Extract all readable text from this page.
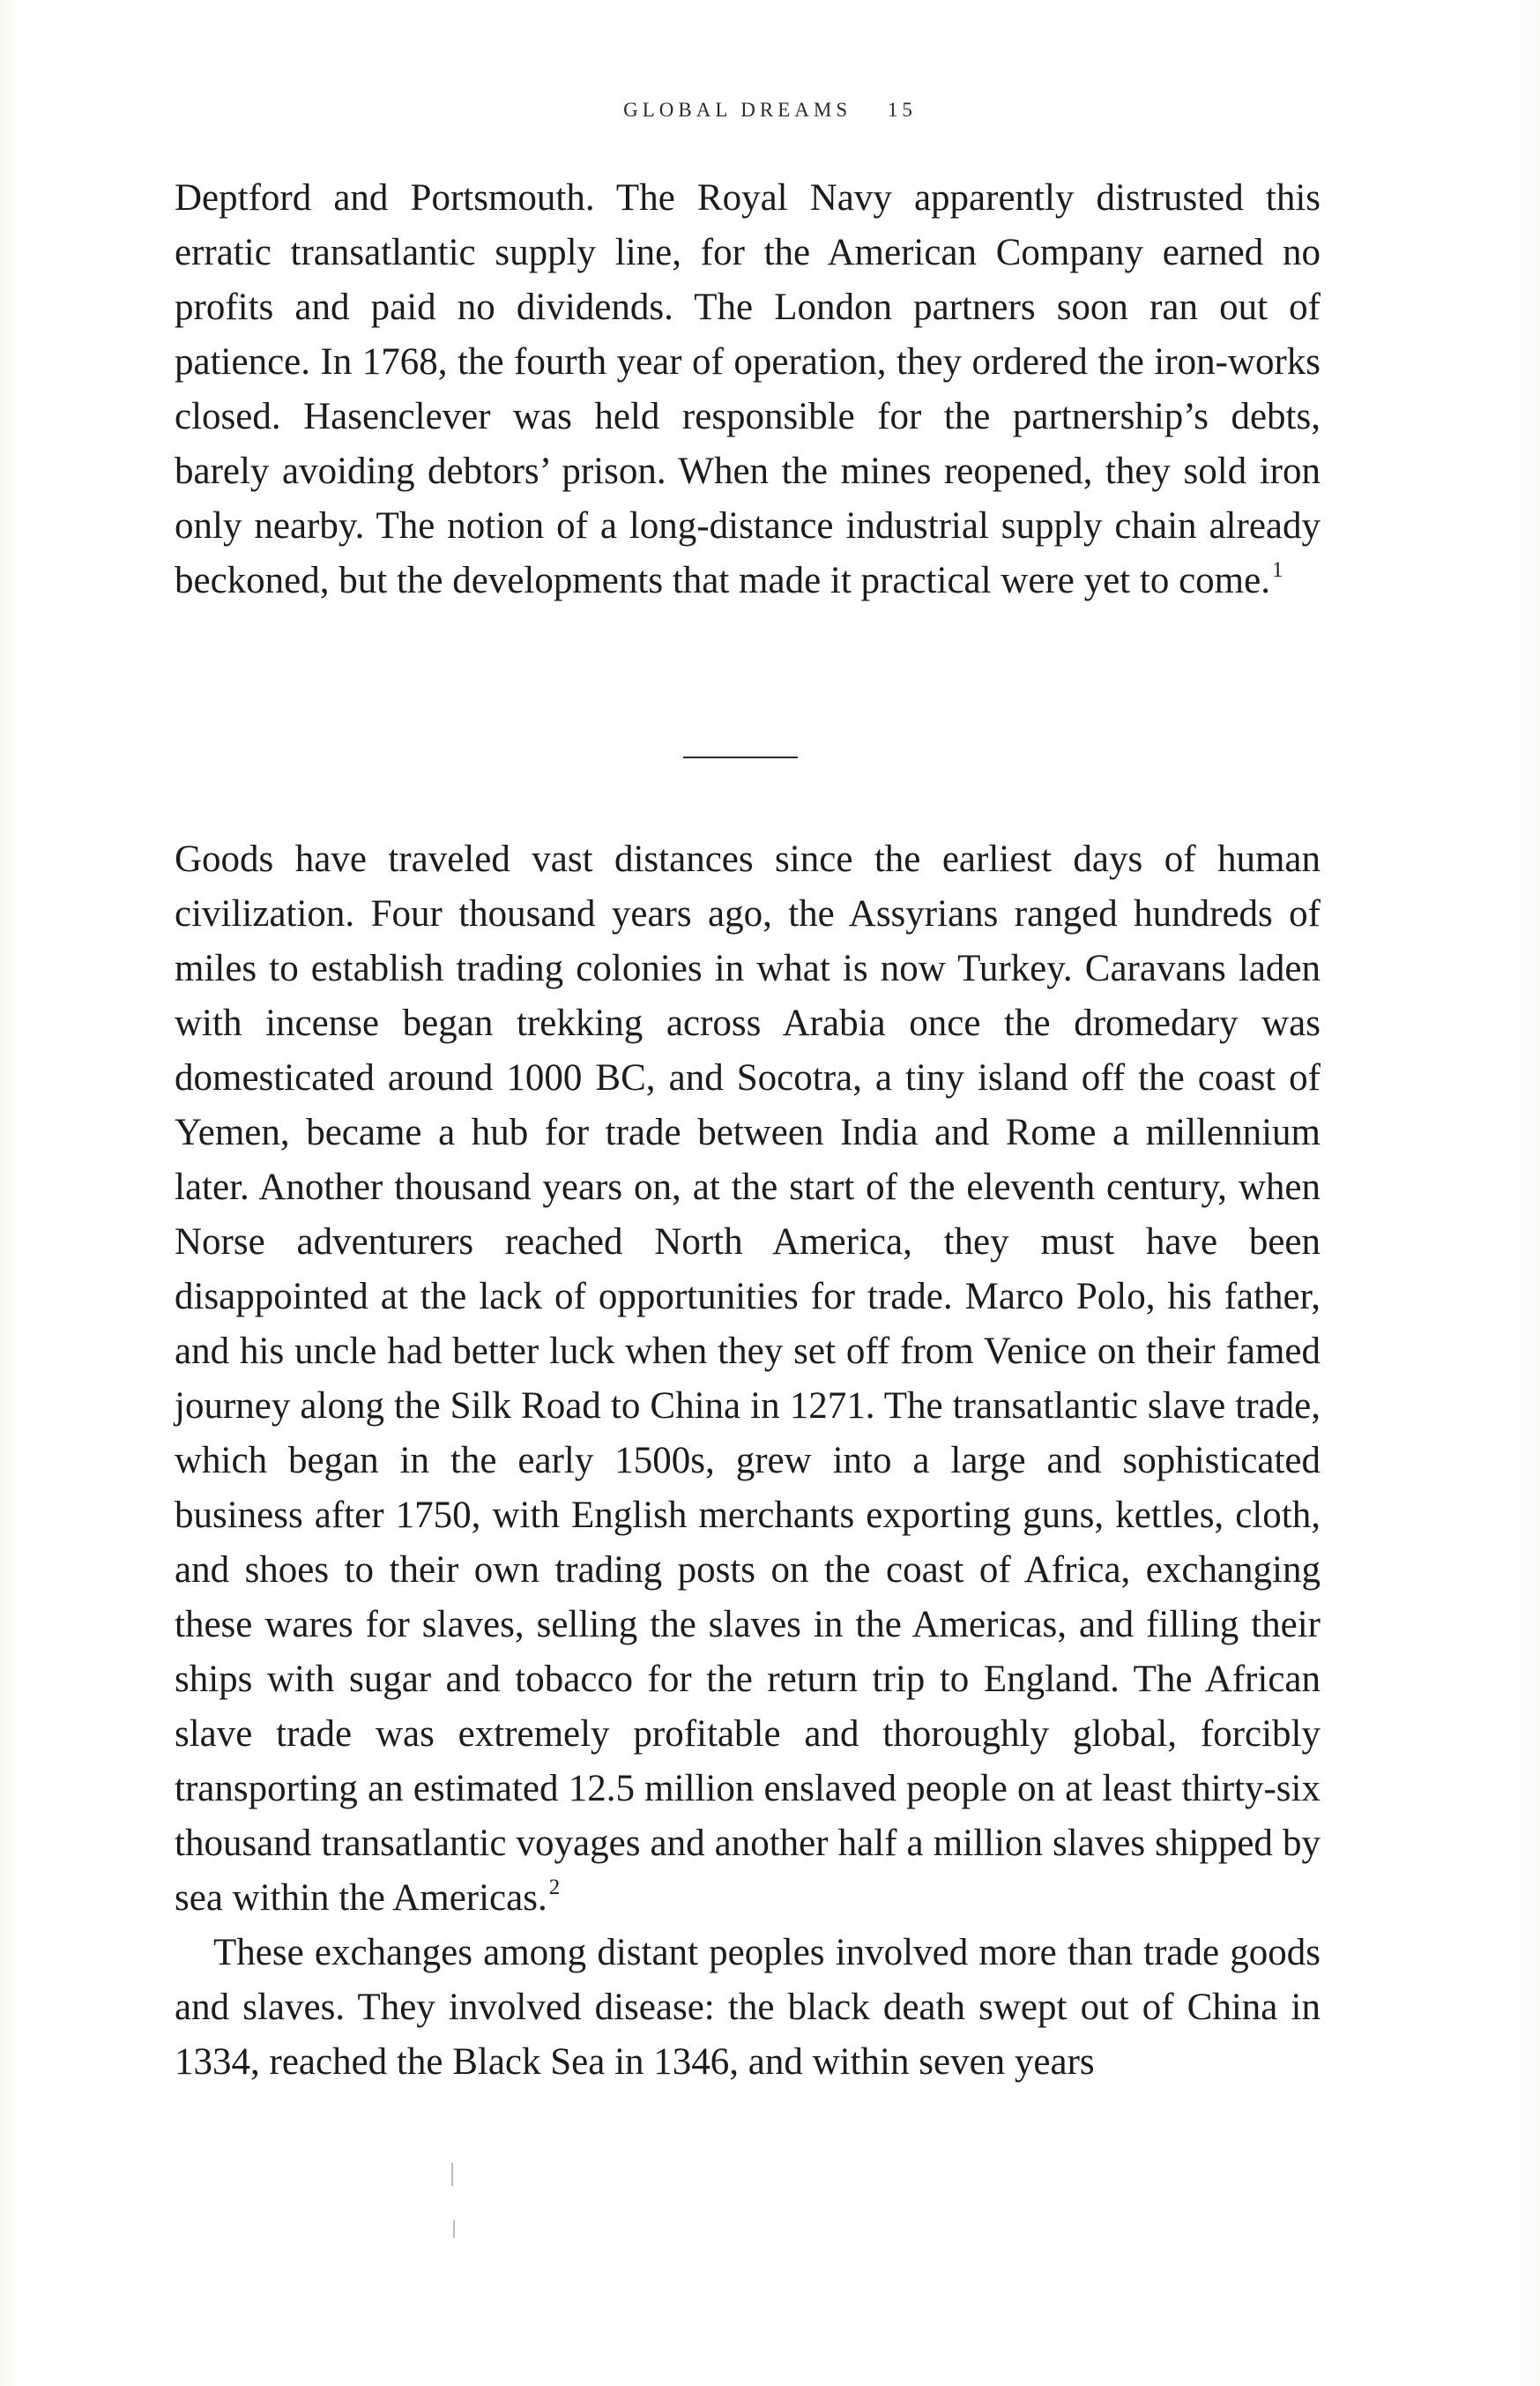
GLOBAL DREAMS 15

Deptford and Portsmouth. The Royal Navy apparently distrusted this erratic transatlantic supply line, for the American Company earned no profits and paid no dividends. The London partners soon ran out of patience. In 1768, the fourth year of operation, they ordered the iron-works closed. Hasenclever was held responsible for the partnership’s debts, barely avoiding debtors’ prison. When the mines reopened, they sold iron only nearby. The notion of a long-distance industrial supply chain already beckoned, but the developments that made it practical were yet to come.$^1$

Goods have traveled vast distances since the earliest days of human civilization. Four thousand years ago, the Assyrians ranged hundreds of miles to establish trading colonies in what is now Turkey. Caravans laden with incense began trekking across Arabia once the dromedary was domesticated around 1000 BC, and Socotra, a tiny island off the coast of Yemen, became a hub for trade between India and Rome a millennium later. Another thousand years on, at the start of the eleventh century, when Norse adventurers reached North America, they must have been disappointed at the lack of opportunities for trade. Marco Polo, his father, and his uncle had better luck when they set off from Venice on their famed journey along the Silk Road to China in 1271. The transatlantic slave trade, which began in the early 1500s, grew into a large and sophisticated business after 1750, with English merchants exporting guns, kettles, cloth, and shoes to their own trading posts on the coast of Africa, exchanging these wares for slaves, selling the slaves in the Americas, and filling their ships with sugar and tobacco for the return trip to England. The African slave trade was extremely profitable and thoroughly global, forcibly transporting an estimated 12.5 million enslaved people on at least thirty-six thousand transatlantic voyages and another half a million slaves shipped by sea within the Americas.$^2$

These exchanges among distant peoples involved more than trade goods and slaves. They involved disease: the black death swept out of China in 1334, reached the Black Sea in 1346, and within seven years
